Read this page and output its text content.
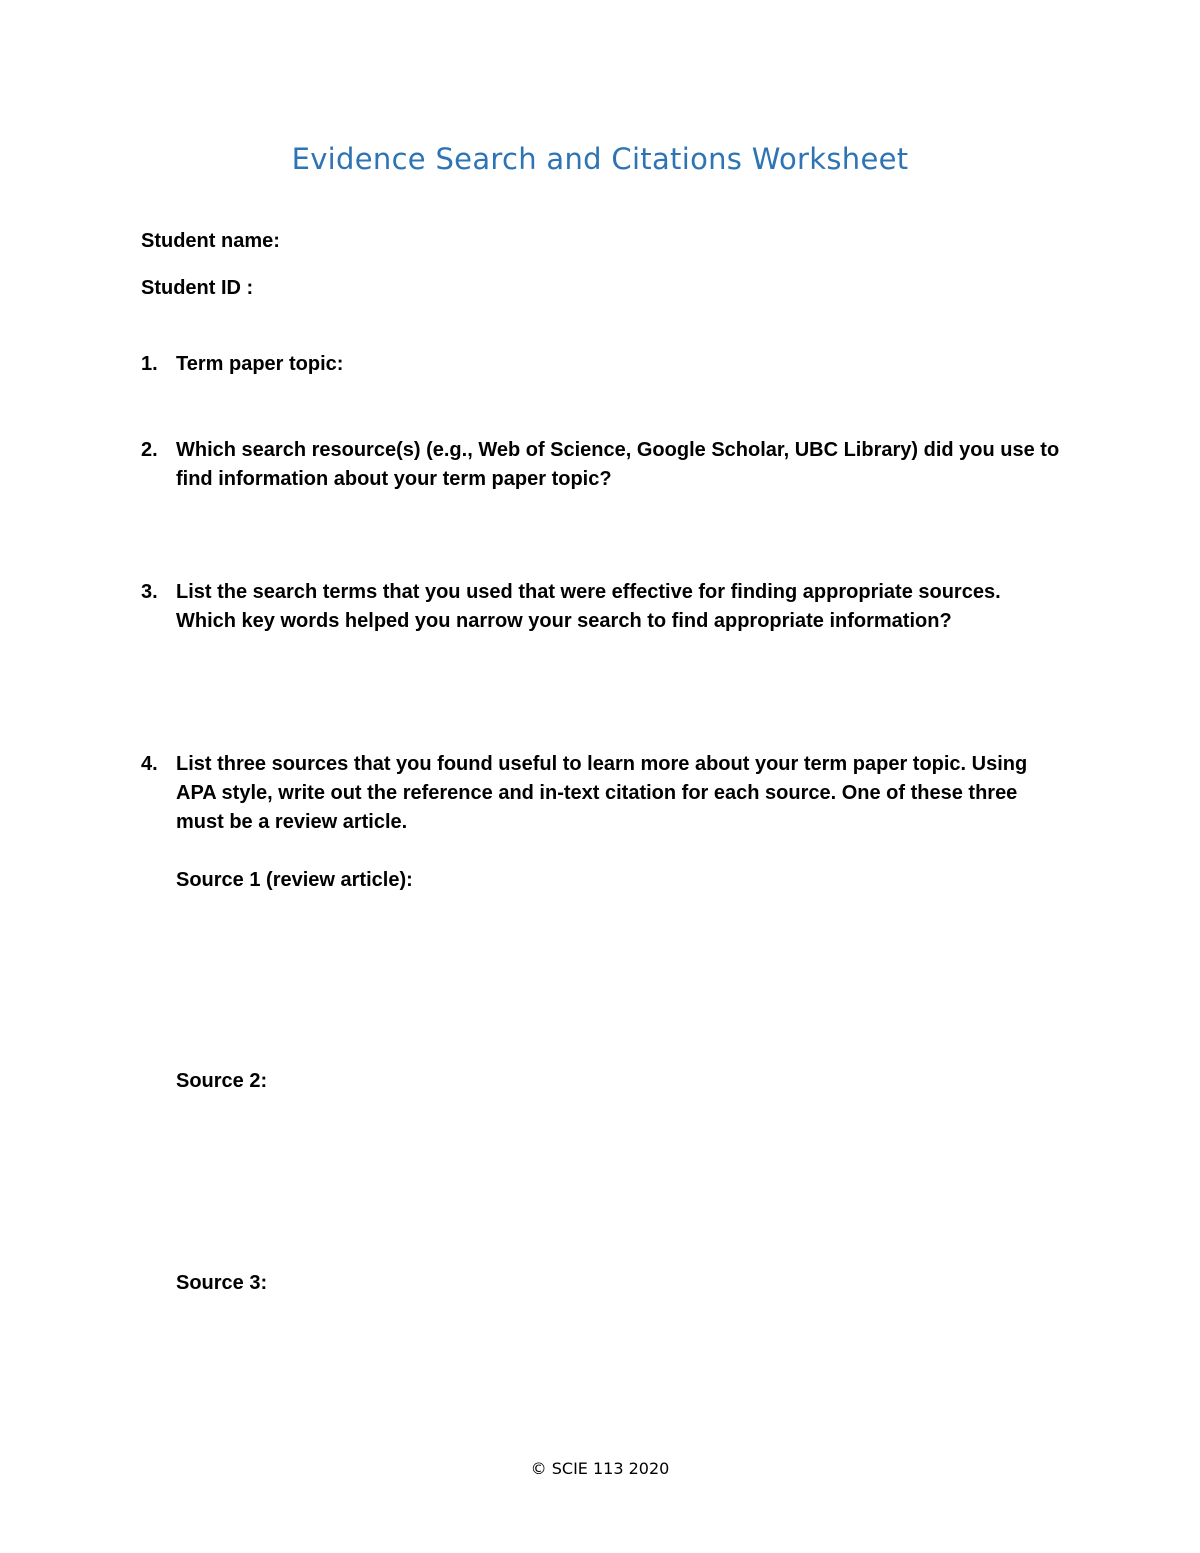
Evidence Search and Citations Worksheet
Student name:
Student ID :
1. Term paper topic:
2. Which search resource(s) (e.g., Web of Science, Google Scholar, UBC Library) did you use to find information about your term paper topic?
3. List the search terms that you used that were effective for finding appropriate sources. Which key words helped you narrow your search to find appropriate information?
4. List three sources that you found useful to learn more about your term paper topic. Using APA style, write out the reference and in-text citation for each source. One of these three must be a review article.
Source 1 (review article):
Source 2:
Source 3:
© SCIE 113 2020
